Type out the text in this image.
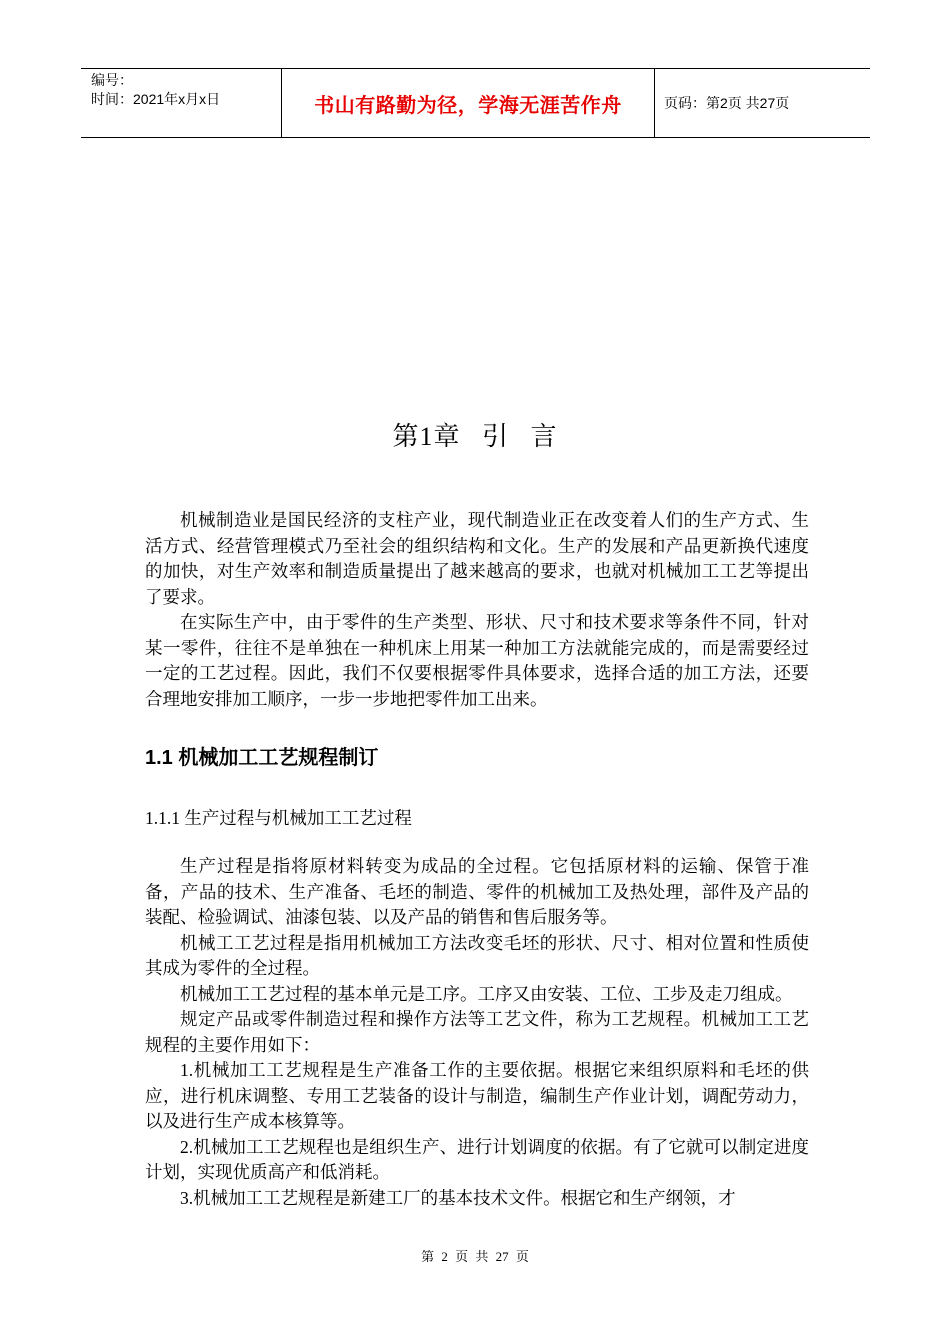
编号：
时间：2021年x月x日	书山有路勤为径，学海无涯苦作舟	页码：第2页 共27页
第1章 引 言

机械制造业是国民经济的支柱产业，现代制造业正在改变着人们的生产方式、生活方式、经营管理模式乃至社会的组织结构和文化。生产的发展和产品更新换代速度的加快，对生产效率和制造质量提出了越来越高的要求，也就对机械加工工艺等提出了要求。

在实际生产中，由于零件的生产类型、形状、尺寸和技术要求等条件不同，针对某一零件，往往不是单独在一种机床上用某一种加工方法就能完成的，而是需要经过一定的工艺过程。因此，我们不仅要根据零件具体要求，选择合适的加工方法，还要合理地安排加工顺序，一步一步地把零件加工出来。

1.1 机械加工工艺规程制订
1.1.1 生产过程与机械加工工艺过程

生产过程是指将原材料转变为成品的全过程。它包括原材料的运输、保管于准备，产品的技术、生产准备、毛坯的制造、零件的机械加工及热处理，部件及产品的装配、检验调试、油漆包装、以及产品的销售和售后服务等。

机械工工艺过程是指用机械加工方法改变毛坯的形状、尺寸、相对位置和性质使其成为零件的全过程。

机械加工工艺过程的基本单元是工序。工序又由安装、工位、工步及走刀组成。

规定产品或零件制造过程和操作方法等工艺文件，称为工艺规程。机械加工工艺规程的主要作用如下：

1.机械加工工艺规程是生产准备工作的主要依据。根据它来组织原料和毛坯的供应，进行机床调整、专用工艺装备的设计与制造，编制生产作业计划，调配劳动力，以及进行生产成本核算等。

2.机械加工工艺规程也是组织生产、进行计划调度的依据。有了它就可以制定进度计划，实现优质高产和低消耗。

3.机械加工工艺规程是新建工厂的基本技术文件。根据它和生产纲领，才

第 2 页 共 27 页
